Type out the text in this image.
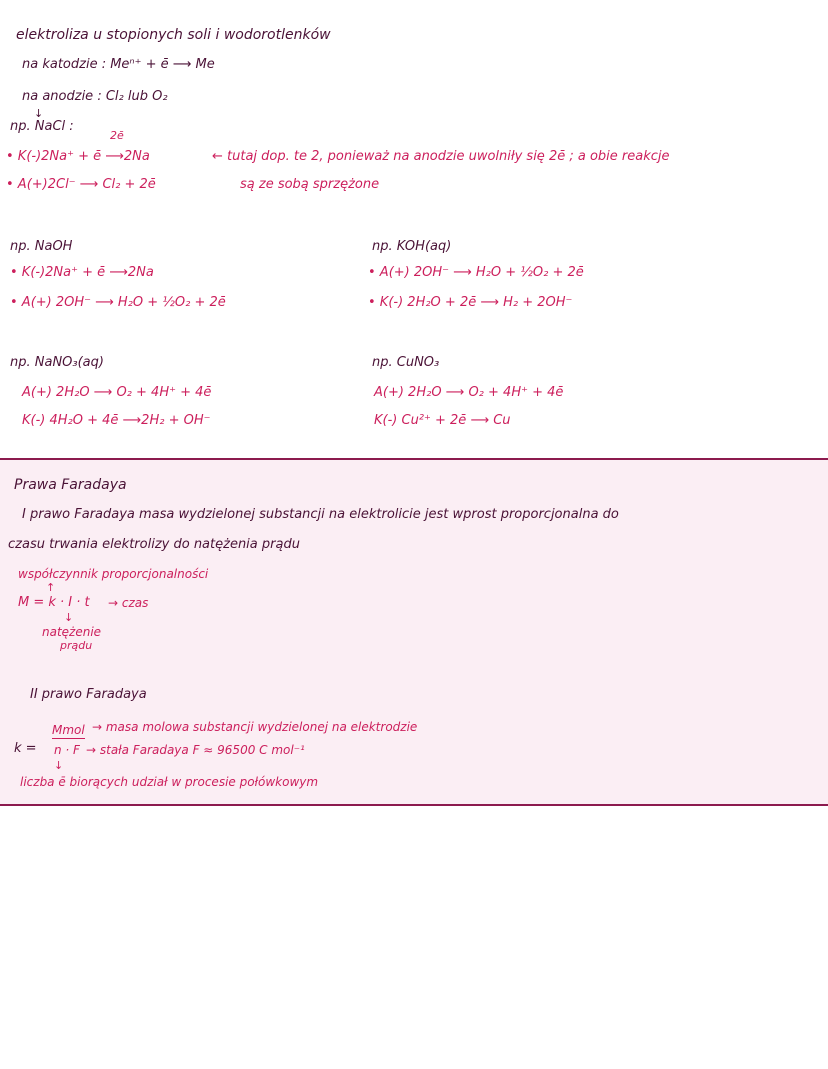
elektroliza u stopionych soli i wodorotlenków
na katodzie : Meⁿ⁺ + ē ⟶ Me
na anodzie : Cl₂ lub O₂
↓
np. NaCl :
2ē
• K(-)2Na⁺ + ē ⟶2Na	← tutaj dop. te 2, ponieważ na anodzie uwolniły się 2ē ; a obie reakcje
• A(+)2Cl⁻ ⟶ Cl₂ + 2ē	są ze sobą sprzężone
np. NaOH
• K(-)2Na⁺ + ē ⟶2Na
• A(+) 2OH⁻ ⟶ H₂O + ½O₂ + 2ē
np. KOH(aq)
• A(+) 2OH⁻ ⟶ H₂O + ½O₂ + 2ē
• K(-) 2H₂O + 2ē ⟶ H₂ + 2OH⁻
np. NaNO₃(aq)
A(+) 2H₂O ⟶ O₂ + 4H⁺ + 4ē
K(-) 4H₂O + 4ē ⟶2H₂ + OH⁻
np. CuNO₃
A(+) 2H₂O ⟶ O₂ + 4H⁺ + 4ē
K(-) Cu²⁺ + 2ē ⟶ Cu
Prawa Faradaya
I prawo Faradaya masa wydzielonej substancji na elektrolicie jest wprost proporcjonalna do
czasu trwania elektrolizy do natężenia prądu
współczynnik proporcjonalności
↑
M = k · I · t → czas
↓
natężenie
prądu
II prawo Faradaya
k =
Mmol → masa molowa substancji wydzielonej na elektrodzie
n · F → stała Faradaya F ≈ 96500 C mol⁻¹
↓
liczba ē biorących udział w procesie połówkowym
